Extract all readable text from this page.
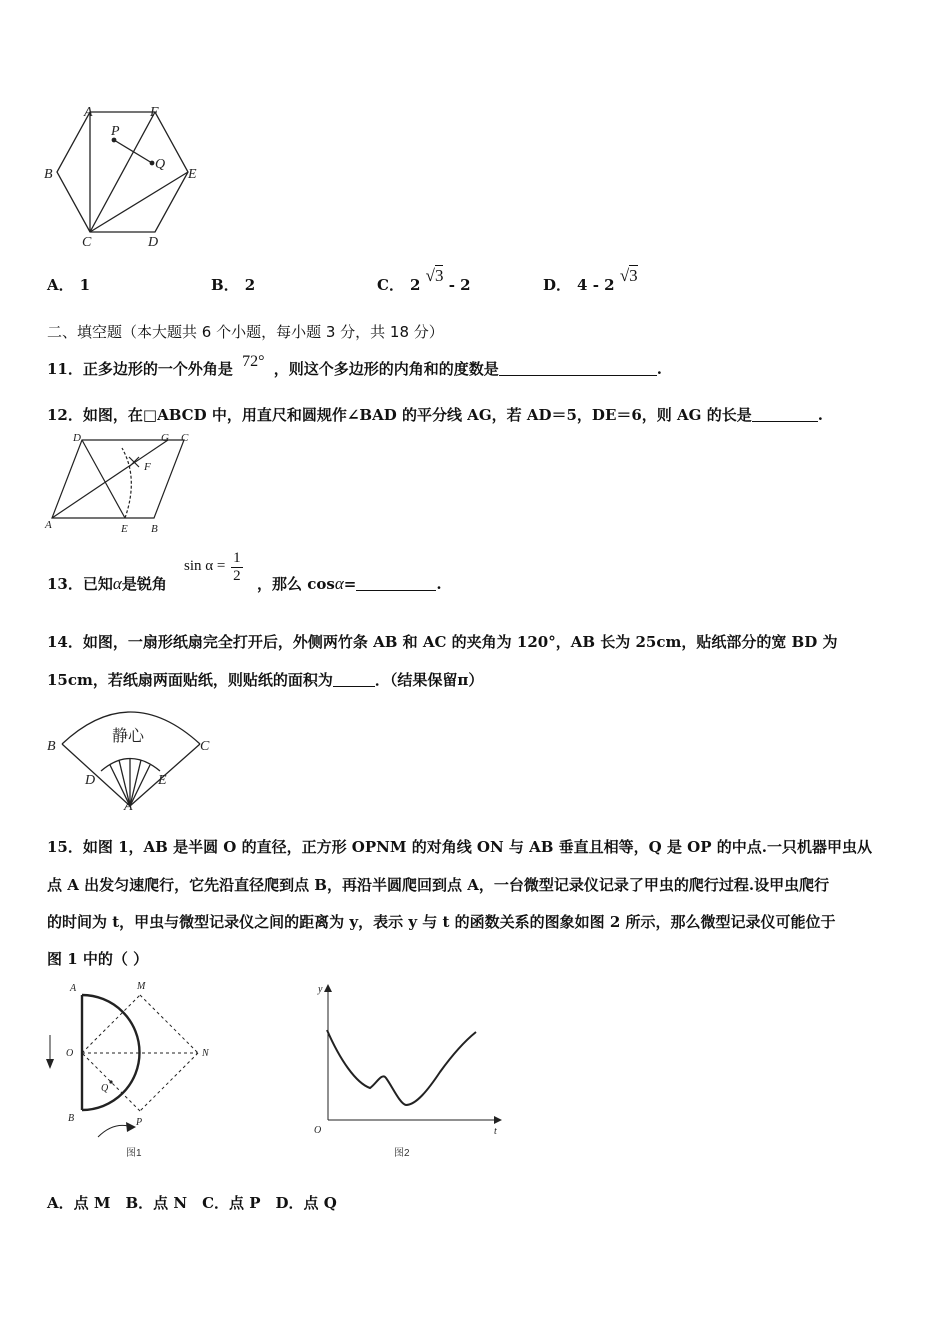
A	F
P
Q
B	E
C	D
A． 1	B． 2	C． 2 √3 - 2	D． 4 - 2 √3
二、填空题（本大题共 6 个小题，每小题 3 分，共 18 分）
11．正多边形的一个外角是 72° ，则这个多边形的内角和的度数是	.
12．如图，在□ABCD 中，用直尺和圆规作∠BAD 的平分线 AG，若 AD＝5，DE＝6，则 AG 的长是	.
D	G C
F
A	E B
13．已知α是锐角
$\sin \alpha = \frac{1}{2}$ ，那么 cosα=	.
14．如图，一扇形纸扇完全打开后，外侧两竹条 AB 和 AC 的夹角为 120°，AB 长为 25cm，贴纸部分的宽 BD 为
15cm，若纸扇两面贴纸，则贴纸的面积为	．（结果保留π）
静心
B	C
D	E
A
15．如图 1，AB 是半圆 O 的直径，正方形 OPNM 的对角线 ON 与 AB 垂直且相等，Q 是 OP 的中点.一只机器甲虫从
点 A 出发匀速爬行，它先沿直径爬到点 B，再沿半圆爬回到点 A，一台微型记录仪记录了甲虫的爬行过程.设甲虫爬行
的时间为 t，甲虫与微型记录仪之间的距离为 y，表示 y 与 t 的函数关系的图象如图 2 所示，那么微型记录仪可能位于
图 1 中的（ ）
A	M
O	N
Q
B	P
图1
y
O	t
图2
A．点 M　B．点 N　C．点 P　D．点 Q
